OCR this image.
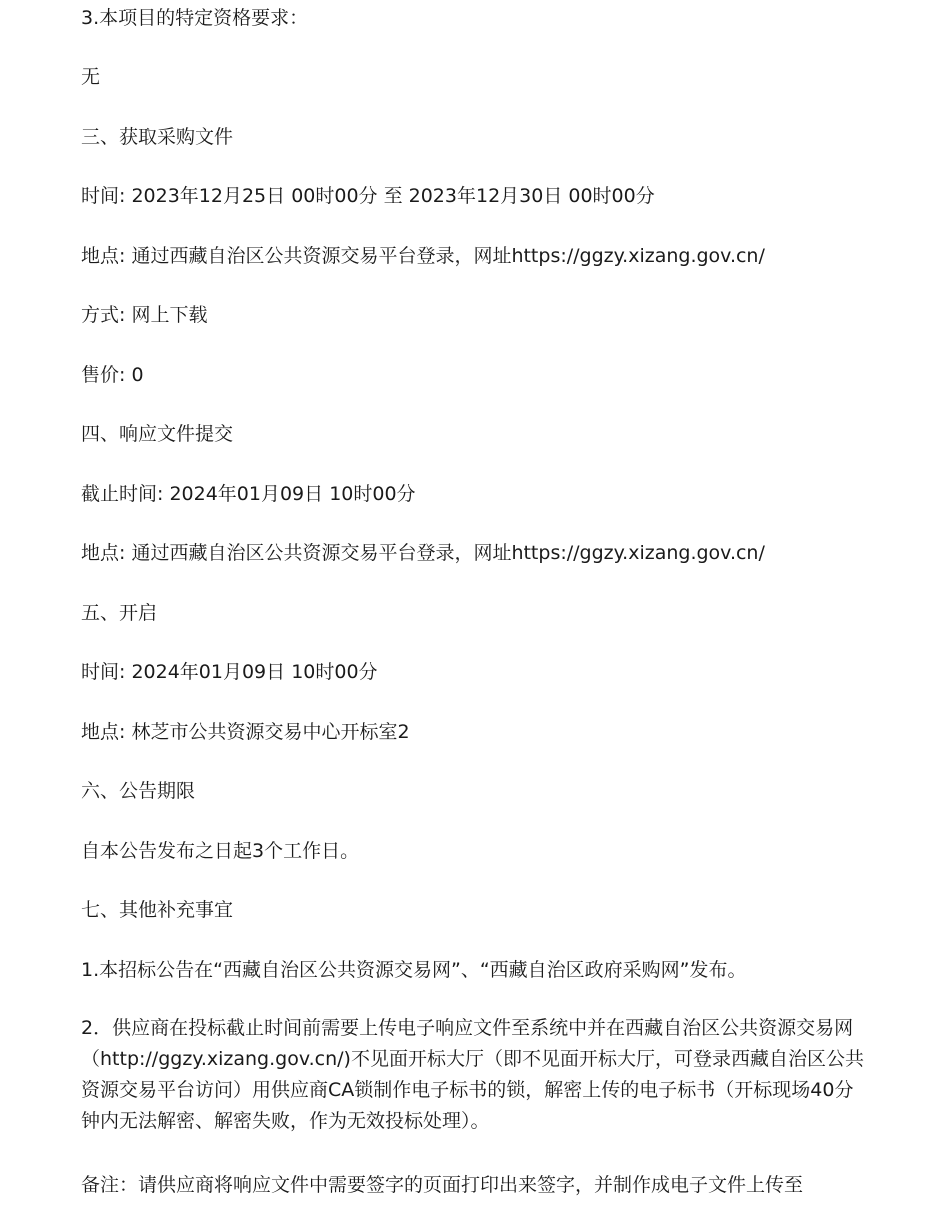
3.本项目的特定资格要求：
无
三、获取采购文件
时间: 2023年12月25日 00时00分 至 2023年12月30日 00时00分
地点: 通过西藏自治区公共资源交易平台登录，网址https://ggzy.xizang.gov.cn/
方式: 网上下载
售价: 0
四、响应文件提交
截止时间: 2024年01月09日 10时00分
地点: 通过西藏自治区公共资源交易平台登录，网址https://ggzy.xizang.gov.cn/
五、开启
时间: 2024年01月09日 10时00分
地点: 林芝市公共资源交易中心开标室2
六、公告期限
自本公告发布之日起3个工作日。
七、其他补充事宜
1.本招标公告在“西藏自治区公共资源交易网”、“西藏自治区政府采购网”发布。
2．供应商在投标截止时间前需要上传电子响应文件至系统中并在西藏自治区公共资源交易网（http://ggzy.xizang.gov.cn/)不见面开标大厅（即不见面开标大厅，可登录西藏自治区公共资源交易平台访问）用供应商CA锁制作电子标书的锁，解密上传的电子标书（开标现场40分钟内无法解密、解密失败，作为无效投标处理）。
备注：请供应商将响应文件中需要签字的页面打印出来签字，并制作成电子文件上传至
